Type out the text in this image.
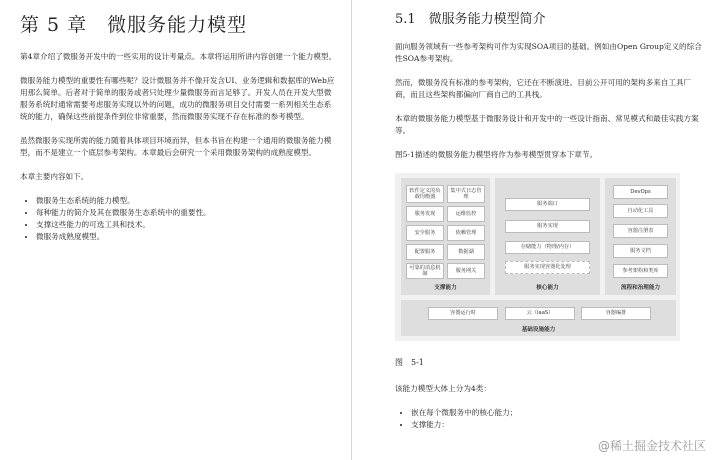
第 5 章　微服务能力模型

第4章介绍了微服务开发中的一些实用的设计考量点。本章将运用所讲内容创建一个能力模型。

微服务能力模型的重要性有哪些呢？设计微服务并不像开发含UI、业务逻辑和数据库的Web应用那么简单。后者对于简单的服务或者只处理少量微服务而言足够了。开发人员在开发大型微服务系统时通常需要考虑服务实现以外的问题，成功的微服务项目交付需要一系列相关生态系统的能力，确保这些前提条件到位非常重要，然而微服务实现不存在标准的参考模型。

虽然微服务实现所需的能力随着具体项目环境而异，但本书旨在构建一个通用的微服务能力模型，而不是建立一个底层参考架构。本章最后会研究一个采用微服务架构的成熟度模型。

本章主要内容如下。

• 微服务生态系统的能力模型。
• 每种能力的简介及其在微服务生态系统中的重要性。
• 支撑这些能力的可选工具和技术。
• 微服务成熟度模型。
5.1　微服务能力模型简介

面向服务领域有一些参考架构可作为实现SOA项目的基础。例如由Open Group定义的综合性SOA参考架构。

然而，微服务没有标准的参考架构，它还在不断演进。目前公开可用的架构多来自工具厂商，而且这些架构都偏向厂商自己的工具栈。

本章的微服务能力模型基于微服务设计和开发中的一些设计指南、常见模式和最佳实践方案等。

图5-1描述的微服务能力模型将作为参考模型贯穿本下章节。

软件定义的负载均衡器
集中式日志管理
服务发现	运维监控
安全服务	依赖管理
配置服务	数据湖
可靠的消息机制
服务网关
支撑能力
服务端口
服务实现
存储能力（物理/内存）
服务实现容器化处理
核心能力
DevOps
自动化工具
容器注册表
服务文档
参考架构和类库
流程和治理能力
容器运行时	云（IaaS）	容器编排
基础设施能力

图　5-1

该能力模型大体上分为4类：

• 嵌在每个微服务中的核心能力；
• 支撑能力：
@稀土掘金技术社区
